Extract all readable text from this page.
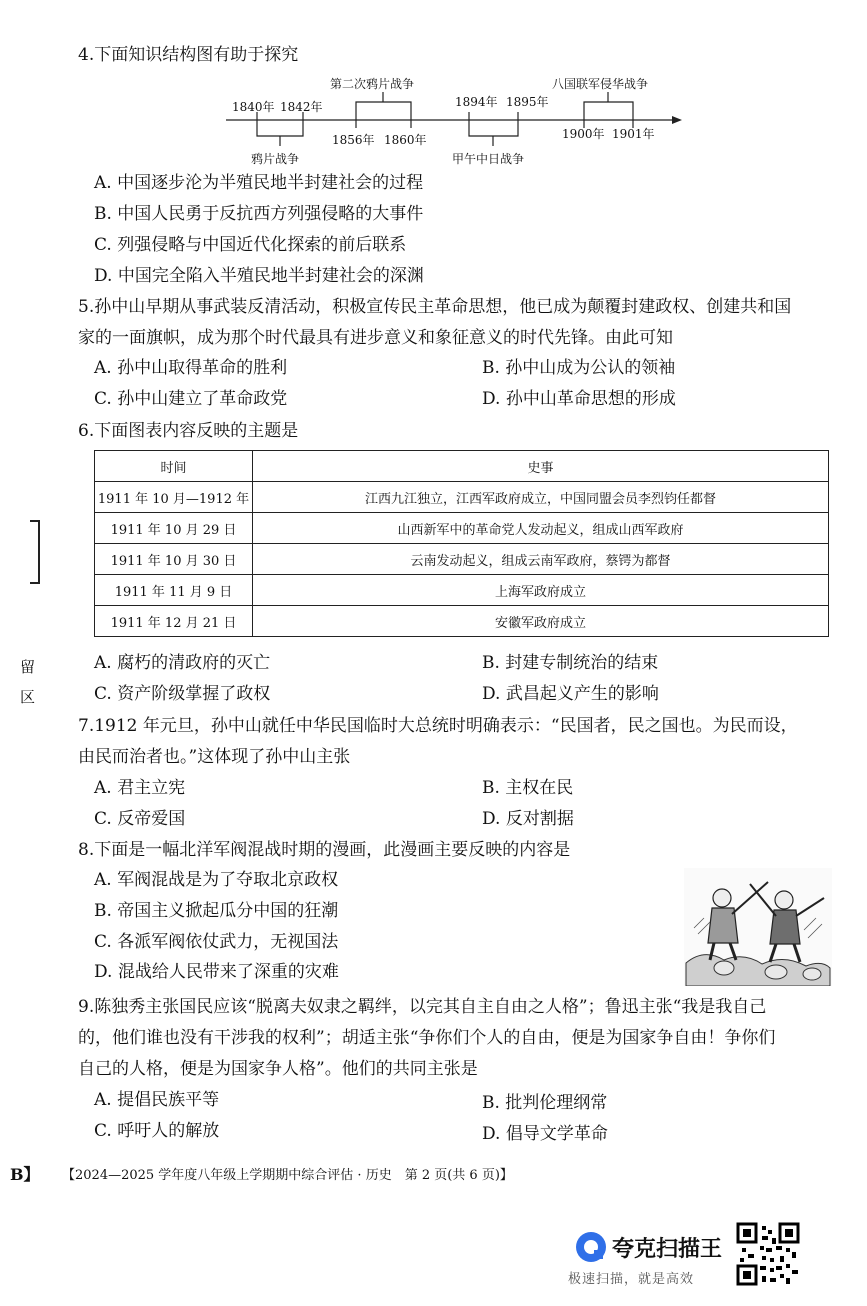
4.下面知识结构图有助于探究
1840年 1842年
鸦片战争
第二次鸦片战争
1856年 1860年
1894年 1895年
甲午中日战争
八国联军侵华战争
1900年 1901年
A. 中国逐步沦为半殖民地半封建社会的过程
B. 中国人民勇于反抗西方列强侵略的大事件
C. 列强侵略与中国近代化探索的前后联系
D. 中国完全陷入半殖民地半封建社会的深渊
5.孙中山早期从事武装反清活动，积极宣传民主革命思想，他已成为颠覆封建政权、创建共和国
家的一面旗帜，成为那个时代最具有进步意义和象征意义的时代先锋。由此可知
A. 孙中山取得革命的胜利	B. 孙中山成为公认的领袖
C. 孙中山建立了革命政党	D. 孙中山革命思想的形成
6.下面图表内容反映的主题是
时间	史事
1911 年 10 月—1912 年	江西九江独立，江西军政府成立，中国同盟会员李烈钧任都督
1911 年 10 月 29 日	山西新军中的革命党人发动起义，组成山西军政府
1911 年 10 月 30 日	云南发动起义，组成云南军政府，蔡锷为都督
1911 年 11 月 9 日	上海军政府成立
1911 年 12 月 21 日	安徽军政府成立
A. 腐朽的清政府的灭亡	B. 封建专制统治的结束
C. 资产阶级掌握了政权	D. 武昌起义产生的影响
7.1912 年元旦，孙中山就任中华民国临时大总统时明确表示：“民国者，民之国也。为民而设，
由民而治者也。”这体现了孙中山主张
A. 君主立宪	B. 主权在民
C. 反帝爱国	D. 反对割据
8.下面是一幅北洋军阀混战时期的漫画，此漫画主要反映的内容是
A. 军阀混战是为了夺取北京政权
B. 帝国主义掀起瓜分中国的狂潮
C. 各派军阀依仗武力，无视国法
D. 混战给人民带来了深重的灾难
9.陈独秀主张国民应该“脱离夫奴隶之羁绊，以完其自主自由之人格”；鲁迅主张“我是我自己
的，他们谁也没有干涉我的权利”；胡适主张“争你们个人的自由，便是为国家争自由！争你们
自己的人格，便是为国家争人格”。他们的共同主张是
A. 提倡民族平等	B. 批判伦理纲常
C. 呼吁人的解放	D. 倡导文学革命
留
区
B】 【2024—2025 学年度八年级上学期期中综合评估 · 历史　第 2 页(共 6 页)】
夸克扫描王
极速扫描，就是高效
